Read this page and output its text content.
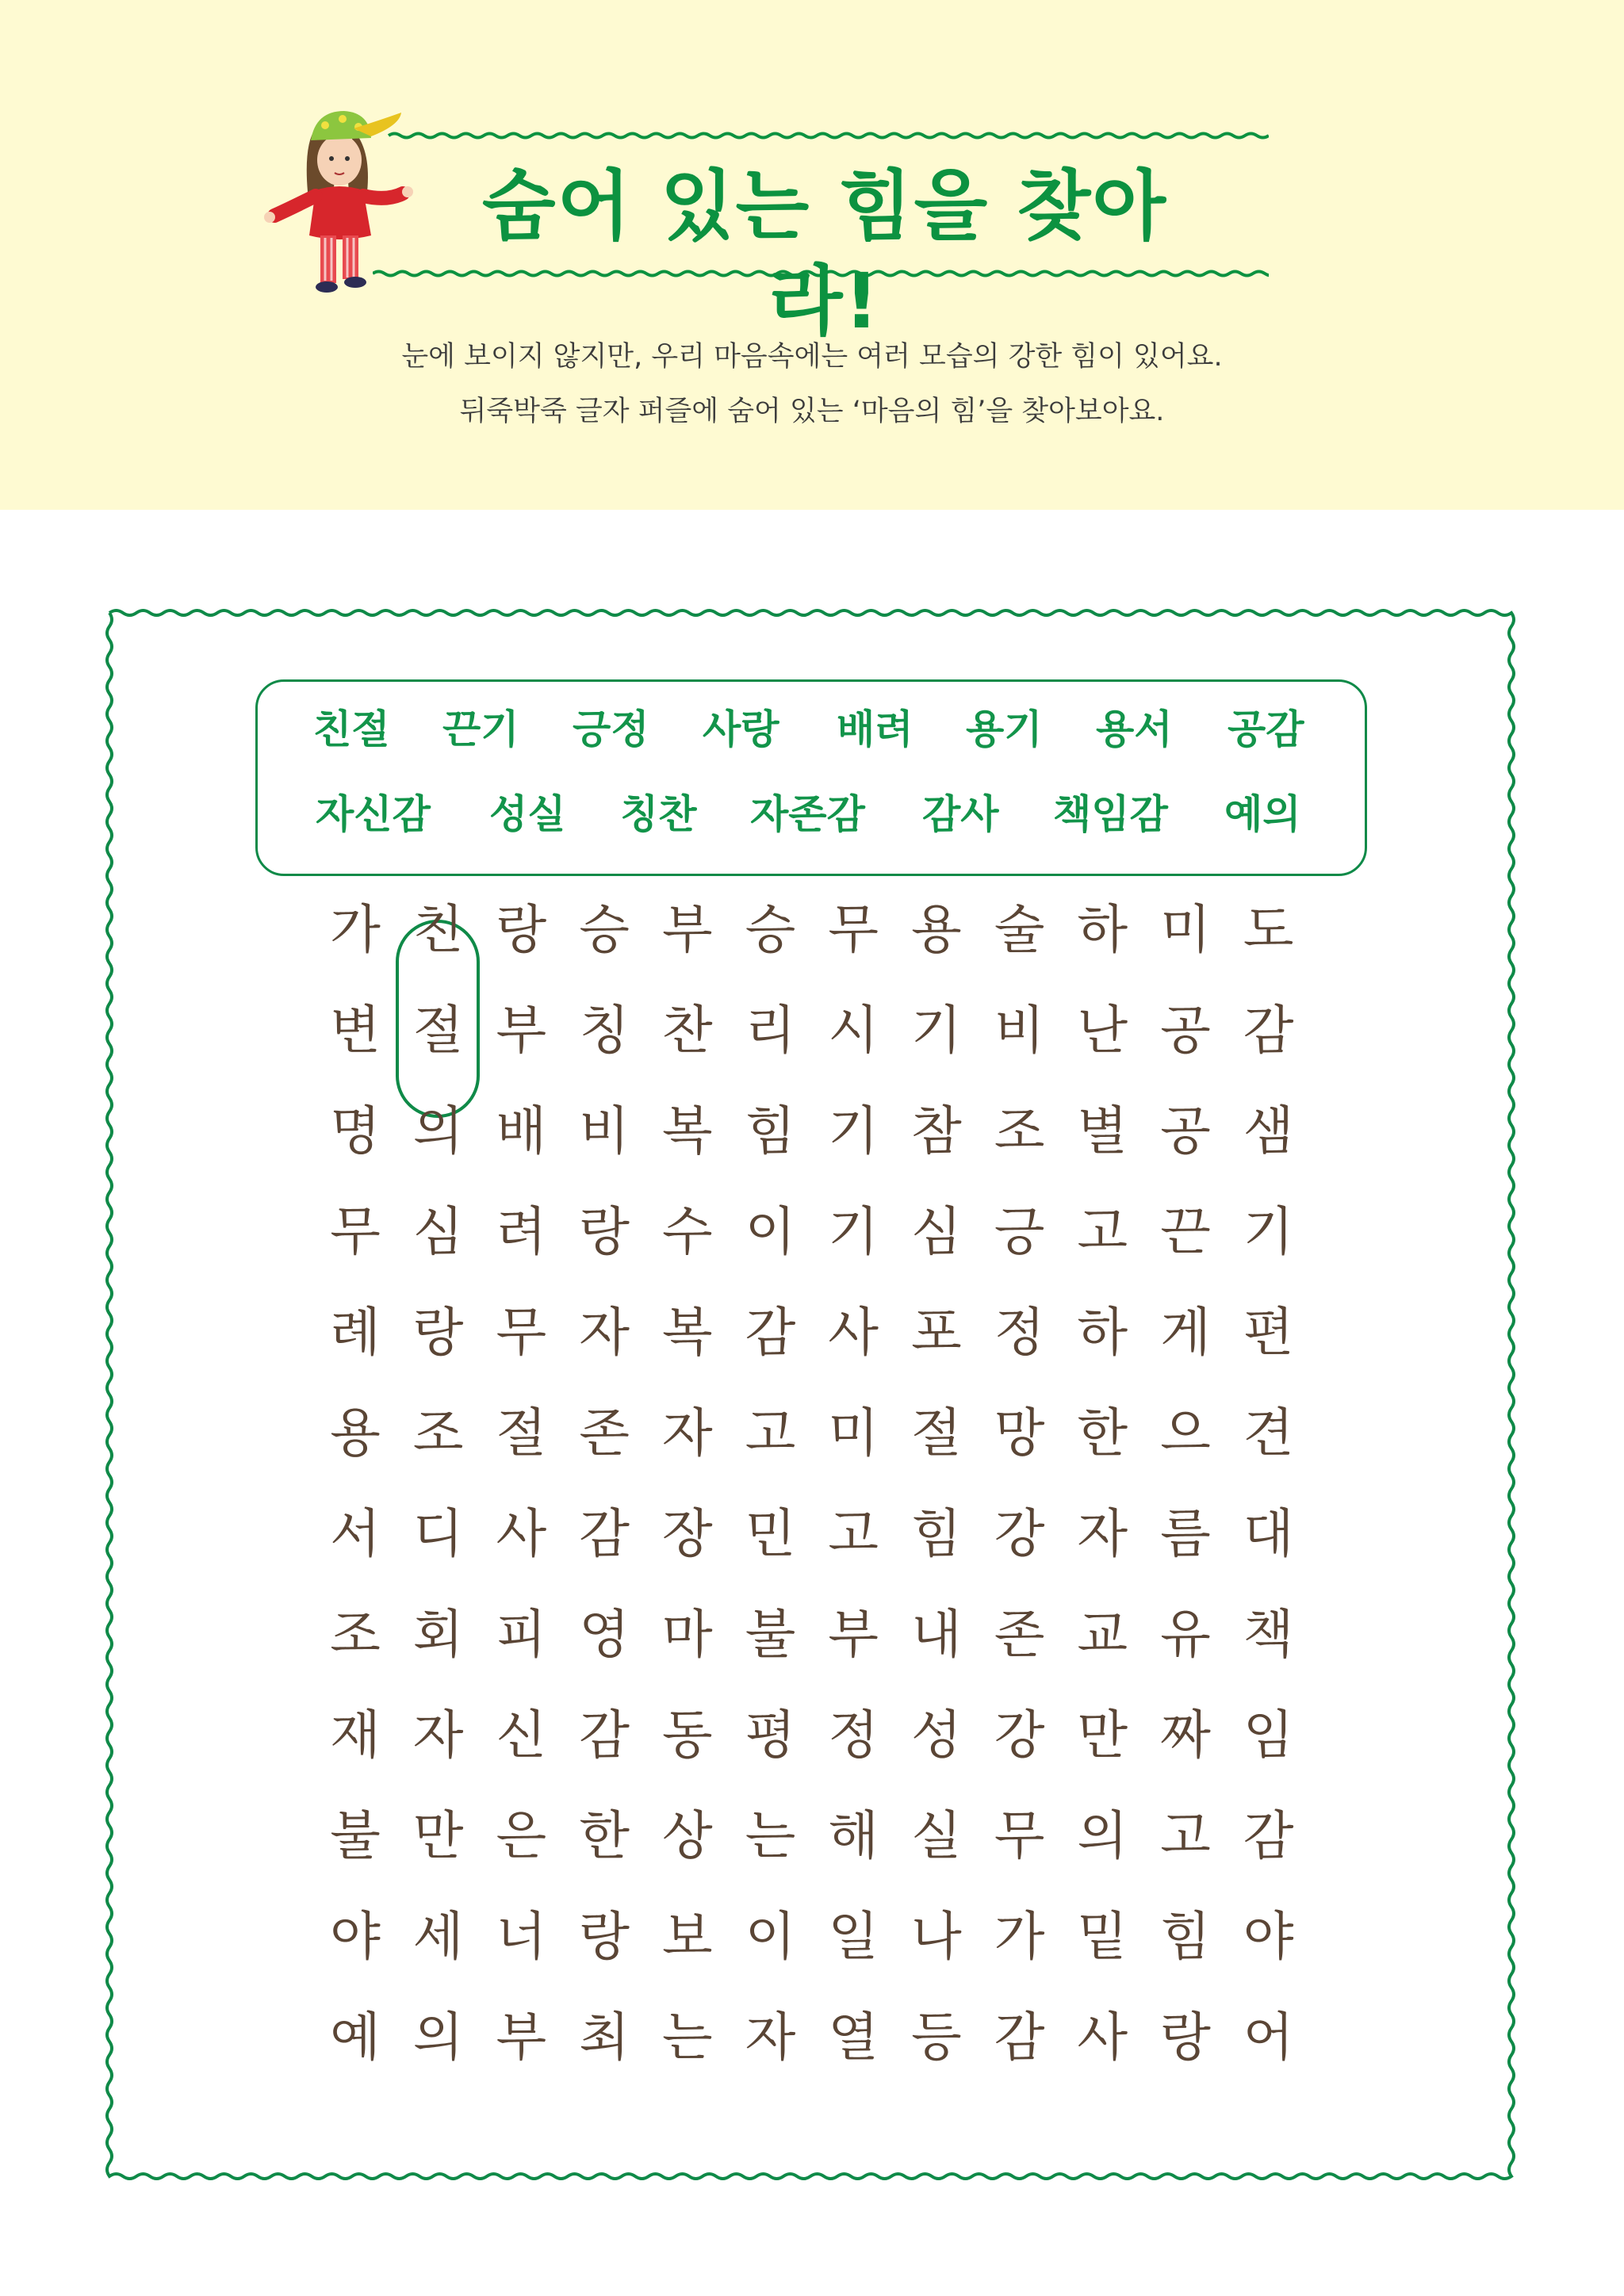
숨어 있는 힘을 찾아라!
눈에 보이지 않지만, 우리 마음속에는 여러 모습의 강한 힘이 있어요.
뒤죽박죽 글자 퍼즐에 숨어 있는 ‘마음의 힘’을 찾아보아요.
친절 끈기 긍정 사랑 배려 용기 용서 공감
자신감 성실 칭찬 자존감 감사 책임감 예의
가 친 랑 승 부 승 무 용 술 하 미 도
변 절 부 칭 찬 리 시 기 비 난 공 감
명 의 배 비 복 힘 기 참 조 별 공 샘
무 심 려 랑 수 이 기 심 긍 고 끈 기
례 랑 무 자 복 감 사 포 정 하 게 편
용 조 절 존 자 고 미 절 망 한 으 견
서 디 사 감 장 민 고 힘 강 자 름 대
조 회 피 영 마 불 부 내 존 교 유 책
재 자 신 감 동 평 정 성 강 만 짜 임
불 만 은 한 상 는 해 실 무 의 고 감
야 세 너 랑 보 이 일 나 가 밑 힘 야
예 의 부 최 는 자 열 등 감 사 랑 어
